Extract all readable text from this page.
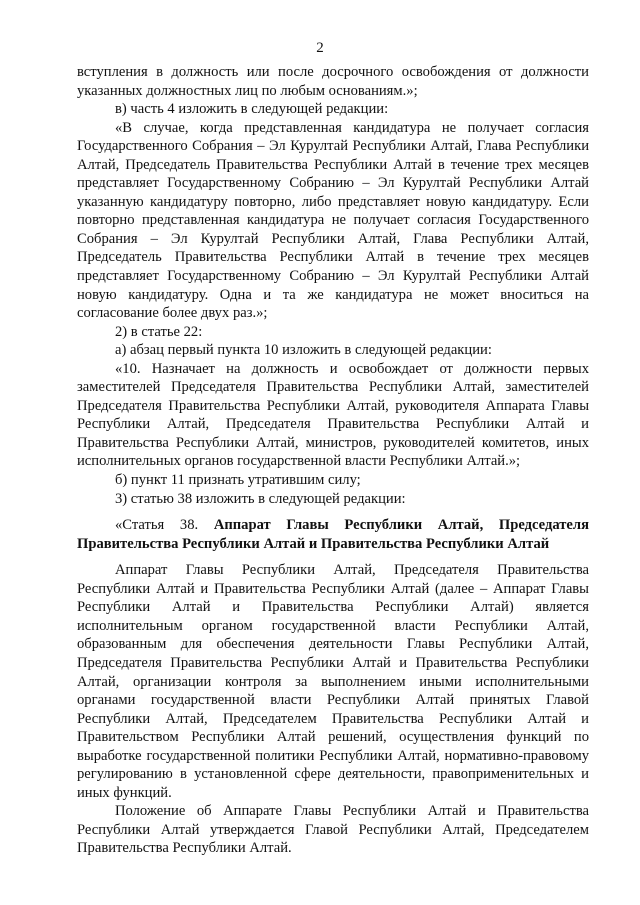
2

вступления в должность или после досрочного освобождения от должности указанных должностных лиц по любым основаниям.»;

в) часть 4 изложить в следующей редакции:

«В случае, когда представленная кандидатура не получает согласия Государственного Собрания – Эл Курултай Республики Алтай, Глава Республики Алтай, Председатель Правительства Республики Алтай в течение трех месяцев представляет Государственному Собранию – Эл Курултай Республики Алтай указанную кандидатуру повторно, либо представляет новую кандидатуру. Если повторно представленная кандидатура не получает согласия Государственного Собрания – Эл Курултай Республики Алтай, Глава Республики Алтай, Председатель Правительства Республики Алтай в течение трех месяцев представляет Государственному Собранию – Эл Курултай Республики Алтай новую кандидатуру. Одна и та же кандидатура не может вноситься на согласование более двух раз.»;

2) в статье 22:

а) абзац первый пункта 10 изложить в следующей редакции:

«10. Назначает на должность и освобождает от должности первых заместителей Председателя Правительства Республики Алтай, заместителей Председателя Правительства Республики Алтай, руководителя Аппарата Главы Республики Алтай, Председателя Правительства Республики Алтай и Правительства Республики Алтай, министров, руководителей комитетов, иных исполнительных органов государственной власти Республики Алтай.»;

б) пункт 11 признать утратившим силу;

3) статью 38 изложить в следующей редакции:

«Статья 38. Аппарат Главы Республики Алтай, Председателя Правительства Республики Алтай и Правительства Республики Алтай

Аппарат Главы Республики Алтай, Председателя Правительства Республики Алтай и Правительства Республики Алтай (далее – Аппарат Главы Республики Алтай и Правительства Республики Алтай) является исполнительным органом государственной власти Республики Алтай, образованным для обеспечения деятельности Главы Республики Алтай, Председателя Правительства Республики Алтай и Правительства Республики Алтай, организации контроля за выполнением иными исполнительными органами государственной власти Республики Алтай принятых Главой Республики Алтай, Председателем Правительства Республики Алтай и Правительством Республики Алтай решений, осуществления функций по выработке государственной политики Республики Алтай, нормативно-правовому регулированию в установленной сфере деятельности, правоприменительных и иных функций.

Положение об Аппарате Главы Республики Алтай и Правительства Республики Алтай утверждается Главой Республики Алтай, Председателем Правительства Республики Алтай.
